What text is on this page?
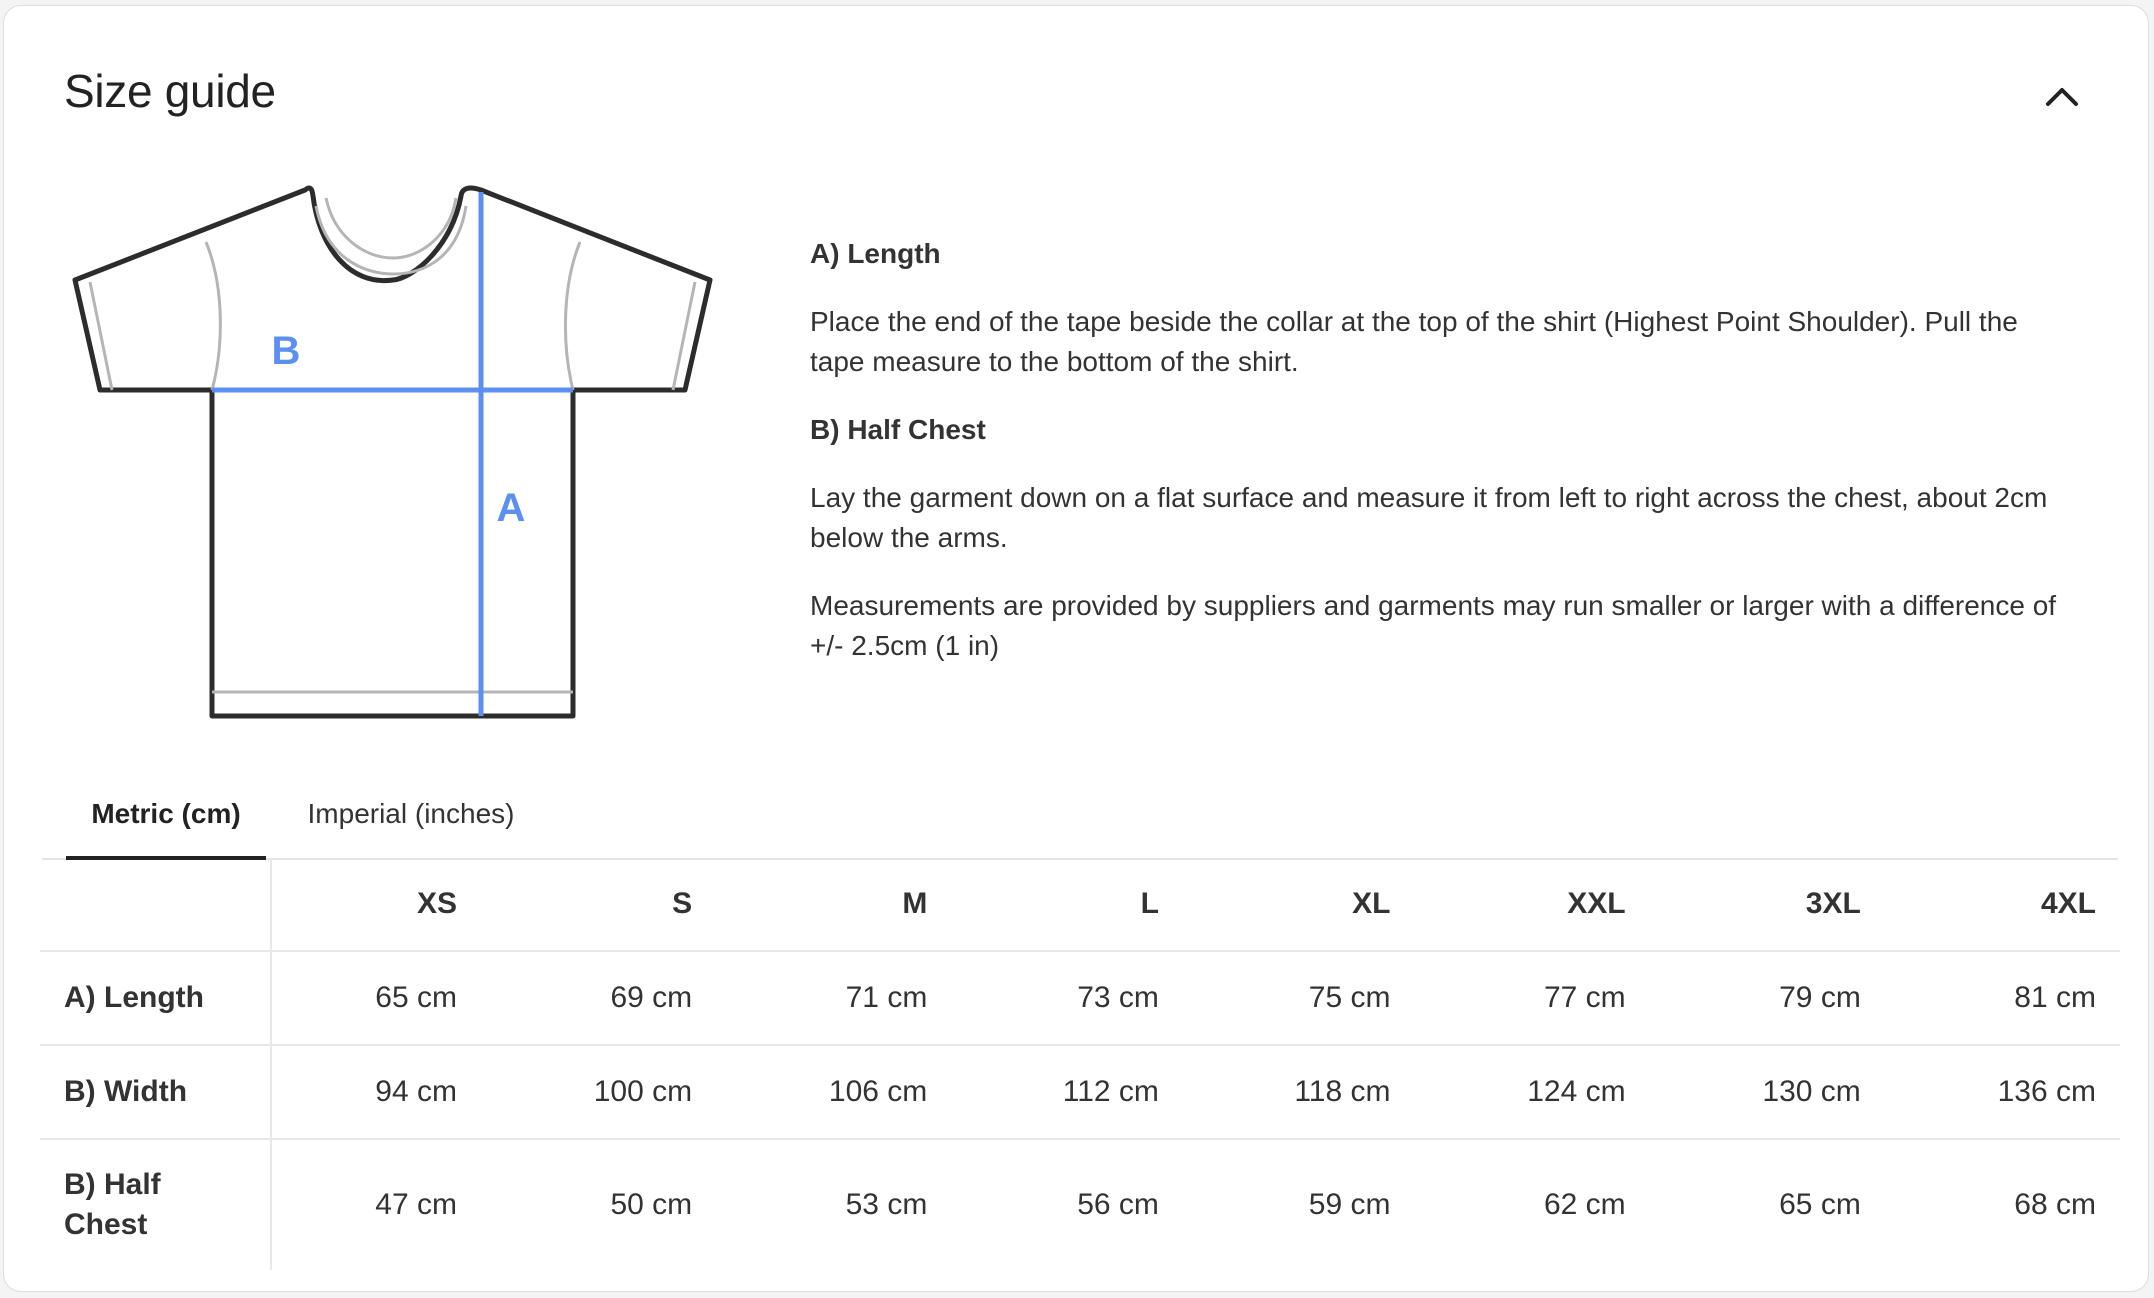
Size guide
B
A
A) Length

Place the end of the tape beside the collar at the top of the shirt (Highest Point Shoulder). Pull the tape measure to the bottom of the shirt.

B) Half Chest

Lay the garment down on a flat surface and measure it from left to right across the chest, about 2cm below the arms.

Measurements are provided by suppliers and garments may run smaller or larger with a difference of +/- 2.5cm (1 in)

Metric (cm)	Imperial (inches)
	XS	S	M	L	XL	XXL	3XL	4XL
A) Length	65 cm	69 cm	71 cm	73 cm	75 cm	77 cm	79 cm	81 cm
B) Width	94 cm	100 cm	106 cm	112 cm	118 cm	124 cm	130 cm	136 cm
B) Half Chest	47 cm	50 cm	53 cm	56 cm	59 cm	62 cm	65 cm	68 cm
